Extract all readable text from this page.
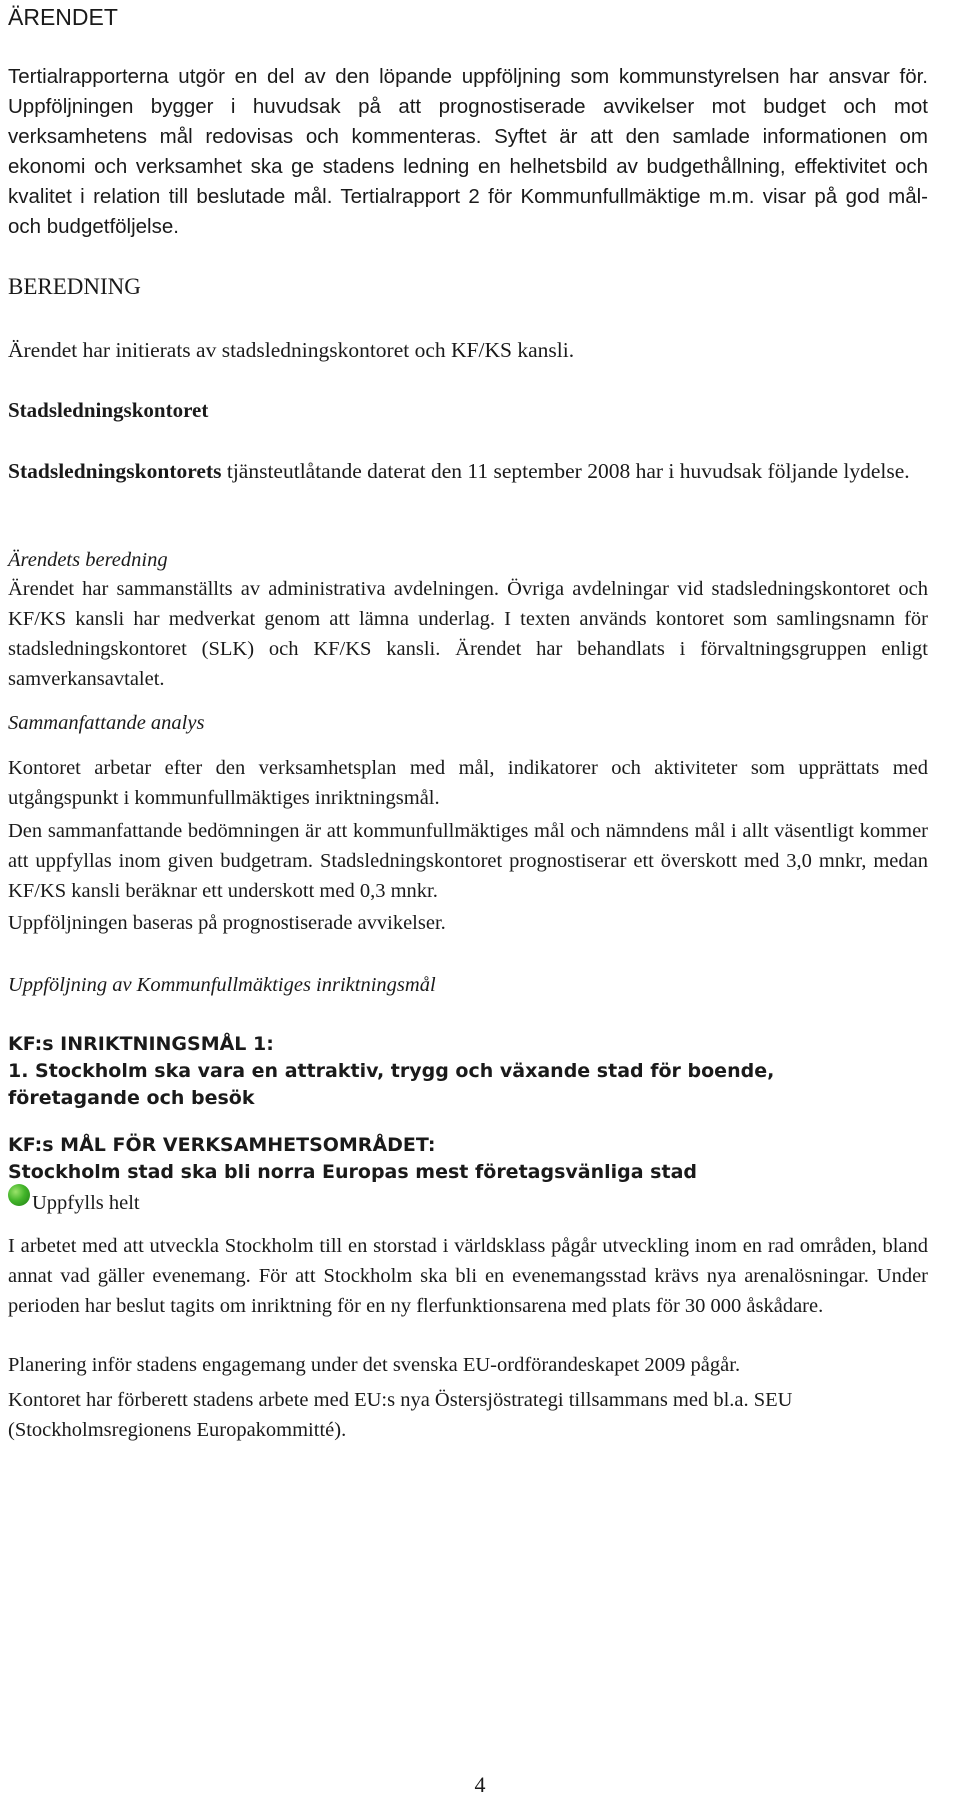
ÄRENDET

Tertialrapporterna utgör en del av den löpande uppföljning som kommunstyrelsen har ansvar för. Uppföljningen bygger i huvudsak på att prognostiserade avvikelser mot budget och mot verksamhetens mål redovisas och kommenteras. Syftet är att den samlade informationen om ekonomi och verksamhet ska ge stadens ledning en helhetsbild av budgethållning, effektivitet och kvalitet i relation till beslutade mål. Tertialrapport 2 för Kommunfullmäktige m.m. visar på god mål- och budgetföljelse.

BEREDNING

Ärendet har initierats av stadsledningskontoret och KF/KS kansli.

Stadsledningskontoret

Stadsledningskontorets tjänsteutlåtande daterat den 11 september 2008 har i huvudsak följande lydelse.

Ärendets beredning

Ärendet har sammanställts av administrativa avdelningen. Övriga avdelningar vid stadsledningskontoret och KF/KS kansli har medverkat genom att lämna underlag. I texten används kontoret som samlingsnamn för stadsledningskontoret (SLK) och KF/KS kansli. Ärendet har behandlats i förvaltningsgruppen enligt samverkansavtalet.

Sammanfattande analys

Kontoret arbetar efter den verksamhetsplan med mål, indikatorer och aktiviteter som upprättats med utgångspunkt i kommunfullmäktiges inriktningsmål.

Den sammanfattande bedömningen är att kommunfullmäktiges mål och nämndens mål i allt väsentligt kommer att uppfyllas inom given budgetram. Stadsledningskontoret prognostiserar ett överskott med 3,0 mnkr, medan KF/KS kansli beräknar ett underskott med 0,3 mnkr.

Uppföljningen baseras på prognostiserade avvikelser.

Uppföljning av Kommunfullmäktiges inriktningsmål
KF:s INRIKTNINGSMÅL 1:
1. Stockholm ska vara en attraktiv, trygg och växande stad för boende, företagande och besök
KF:s MÅL FÖR VERKSAMHETSOMRÅDET:
Stockholm stad ska bli norra Europas mest företagsvänliga stad
Uppfylls helt

I arbetet med att utveckla Stockholm till en storstad i världsklass pågår utveckling inom en rad områden, bland annat vad gäller evenemang. För att Stockholm ska bli en evenemangsstad krävs nya arenalösningar. Under perioden har beslut tagits om inriktning för en ny flerfunktionsarena med plats för 30 000 åskådare.

Planering inför stadens engagemang under det svenska EU-ordförandeskapet 2009 pågår.

Kontoret har förberett stadens arbete med EU:s nya Östersjöstrategi tillsammans med bl.a. SEU (Stockholmsregionens Europakommitté).

4
